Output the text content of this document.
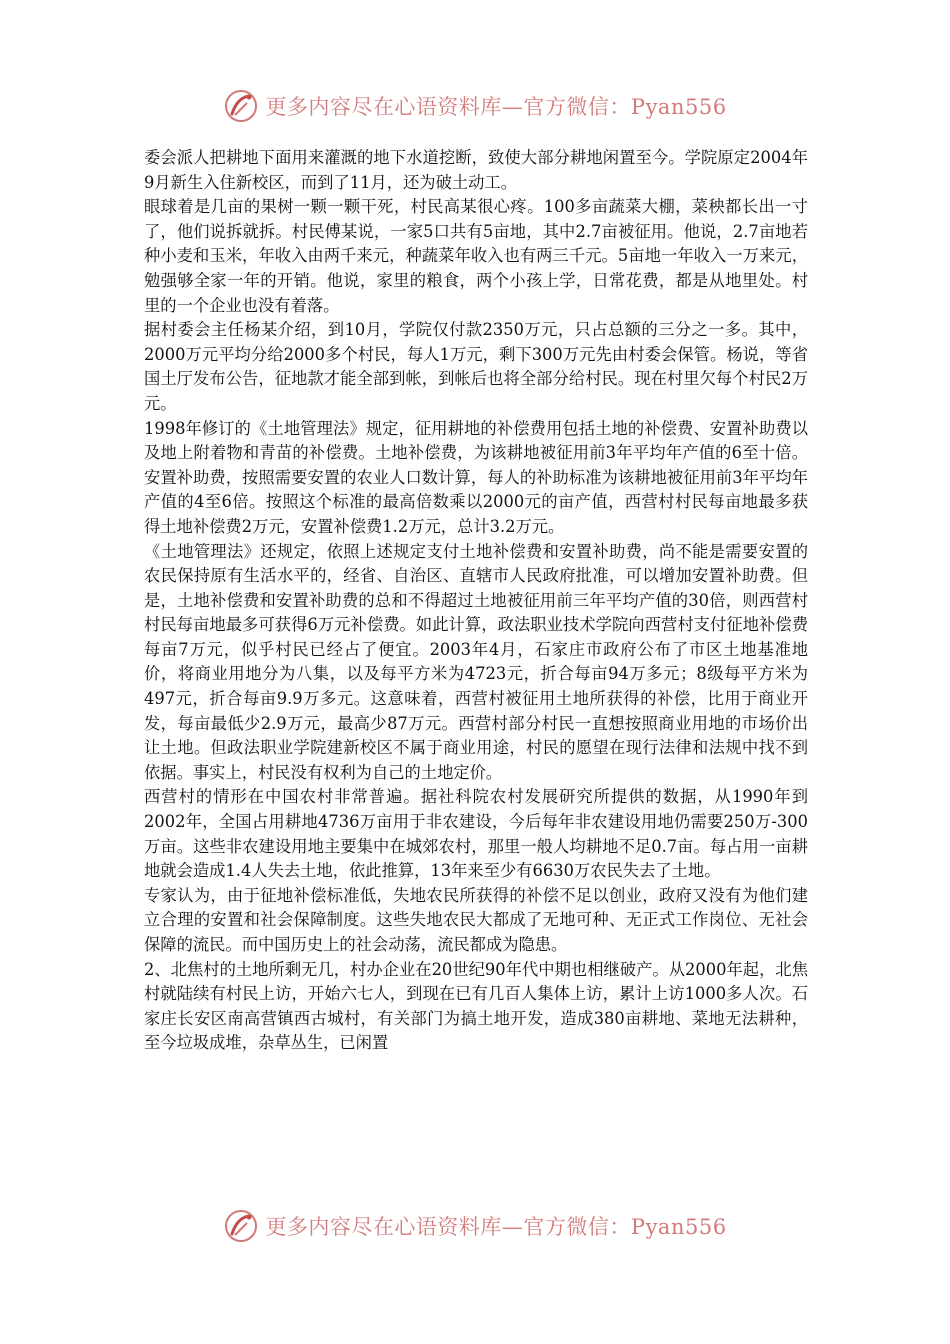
更多内容尽在心语资料库—官方微信：Pyan556

委会派人把耕地下面用来灌溉的地下水道挖断，致使大部分耕地闲置至今。学院原定2004年9月新生入住新校区，而到了11月，还为破土动工。

眼球着是几亩的果树一颗一颗干死，村民高某很心疼。100多亩蔬菜大棚，菜秧都长出一寸了，他们说拆就拆。村民傅某说，一家5口共有5亩地，其中2.7亩被征用。他说，2.7亩地若种小麦和玉米，年收入由两千来元，种蔬菜年收入也有两三千元。5亩地一年收入一万来元，勉强够全家一年的开销。他说，家里的粮食，两个小孩上学，日常花费，都是从地里处。村里的一个企业也没有着落。

据村委会主任杨某介绍，到10月，学院仅付款2350万元，只占总额的三分之一多。其中，2000万元平均分给2000多个村民，每人1万元，剩下300万元先由村委会保管。杨说，等省国土厅发布公告，征地款才能全部到帐，到帐后也将全部分给村民。现在村里欠每个村民2万元。

1998年修订的《土地管理法》规定，征用耕地的补偿费用包括土地的补偿费、安置补助费以及地上附着物和青苗的补偿费。土地补偿费，为该耕地被征用前3年平均年产值的6至十倍。安置补助费，按照需要安置的农业人口数计算，每人的补助标准为该耕地被征用前3年平均年产值的4至6倍。按照这个标准的最高倍数乘以2000元的亩产值，西营村村民每亩地最多获得土地补偿费2万元，安置补偿费1.2万元，总计3.2万元。

《土地管理法》还规定，依照上述规定支付土地补偿费和安置补助费，尚不能是需要安置的农民保持原有生活水平的，经省、自治区、直辖市人民政府批准，可以增加安置补助费。但是，土地补偿费和安置补助费的总和不得超过土地被征用前三年平均产值的30倍，则西营村村民每亩地最多可获得6万元补偿费。如此计算，政法职业技术学院向西营村支付征地补偿费每亩7万元，似乎村民已经占了便宜。2003年4月，石家庄市政府公布了市区土地基准地价，将商业用地分为八集，以及每平方米为4723元，折合每亩94万多元；8级每平方米为497元，折合每亩9.9万多元。这意味着，西营村被征用土地所获得的补偿，比用于商业开发，每亩最低少2.9万元，最高少87万元。西营村部分村民一直想按照商业用地的市场价出让土地。但政法职业学院建新校区不属于商业用途，村民的愿望在现行法律和法规中找不到依据。事实上，村民没有权利为自己的土地定价。

西营村的情形在中国农村非常普遍。据社科院农村发展研究所提供的数据，从1990年到2002年，全国占用耕地4736万亩用于非农建设，今后每年非农建设用地仍需要250万-300万亩。这些非农建设用地主要集中在城郊农村，那里一般人均耕地不足0.7亩。每占用一亩耕地就会造成1.4人失去土地，依此推算，13年来至少有6630万农民失去了土地。

专家认为，由于征地补偿标准低，失地农民所获得的补偿不足以创业，政府又没有为他们建立合理的安置和社会保障制度。这些失地农民大都成了无地可种、无正式工作岗位、无社会保障的流民。而中国历史上的社会动荡，流民都成为隐患。

2、北焦村的土地所剩无几，村办企业在20世纪90年代中期也相继破产。从2000年起，北焦村就陆续有村民上访，开始六七人，到现在已有几百人集体上访，累计上访1000多人次。石家庄长安区南高营镇西古城村，有关部门为搞土地开发，造成380亩耕地、菜地无法耕种，至今垃圾成堆，杂草丛生，已闲置

更多内容尽在心语资料库—官方微信：Pyan556
